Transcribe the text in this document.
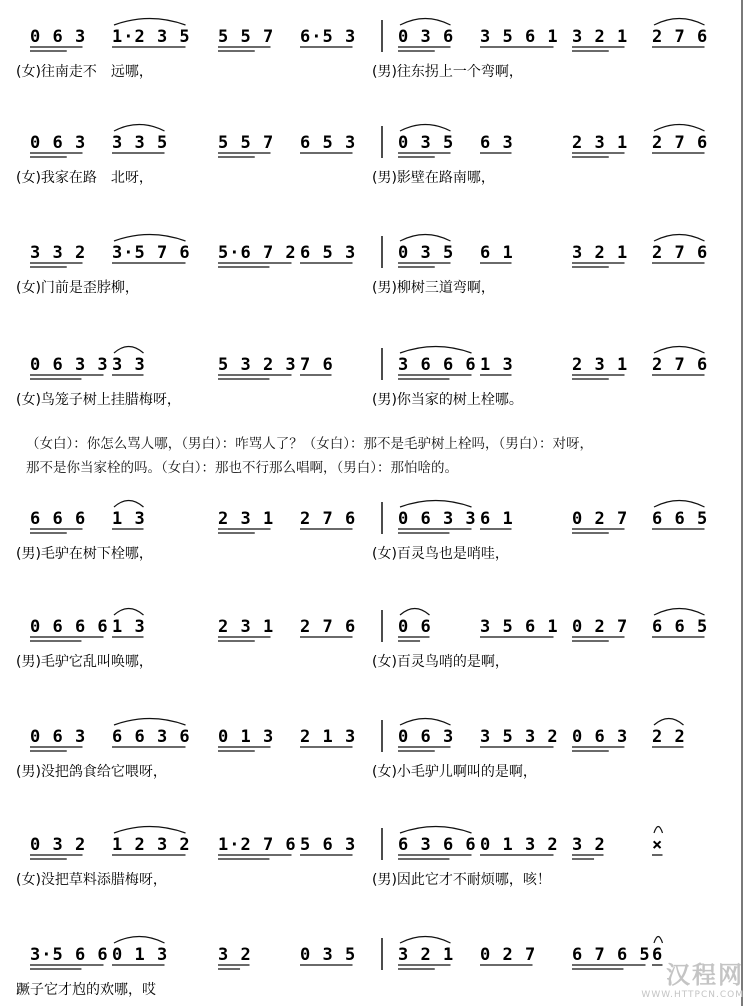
0 6 3 1·2 3 5 5 5 7 6·5 3 0 3 6 3 5 6 1 3 2 1 2 7 6
(女)往南走不　远哪，	(男)往东拐上一个弯啊，
0 6 3 3 3 5	5 5 7 6 5 3 0 3 5 6 3	2 3 1 2 7 6
(女)我家在路　北呀，	(男)影壁在路南哪，
3 3 2 3·5 7 6 5·6 7 2 6 5 3 0 3 5 6 1	3 2 1 2 7 6
(女)门前是歪脖柳，	(男)柳树三道弯啊，
0 6 3 3 3 3	5 3 2 3 7 6	3 6 6 6 1 3	2 3 1 2 7 6
(女)鸟笼子树上挂腊梅呀，	(男)你当家的树上栓哪。
6 6 6 1 3	2 3 1 2 7 6 0 6 3 3 6 1	0 2 7 6 6 5
(男)毛驴在树下栓哪，	(女)百灵鸟也是哨哇，
0 6 6 6 1 3	2 3 1 2 7 6 0 6	3 5 6 1 0 2 7 6 6 5
(男)毛驴它乱叫唤哪，	(女)百灵鸟哨的是啊，
0 6 3 6 6 3 6 0 1 3 2 1 3 0 6 3 3 5 3 2 0 6 3 2 2
(男)没把鸽食给它喂呀，	(女)小毛驴儿啊叫的是啊，
0 3 2 1 2 3 2 1·2 7 6 5 6 3 6 3 6 6 0 1 3 2 3 2	×
(女)没把草料添腊梅呀，	(男)因此它才不耐烦哪，咳！
3·5 6 6 0 1 3	3 2	0 3 5 3 2 1 0 2 7 6 7 6 5 6
蹶子它才尥的欢哪，哎

（女白）：你怎么骂人哪，（男白）：咋骂人了？（女白）：那不是毛驴树上栓吗，（男白）：对呀，

那不是你当家栓的吗。（女白）：那也不行那么唱啊，（男白）：那怕啥的。

汉程网
WWW.HTTPCN.COM
